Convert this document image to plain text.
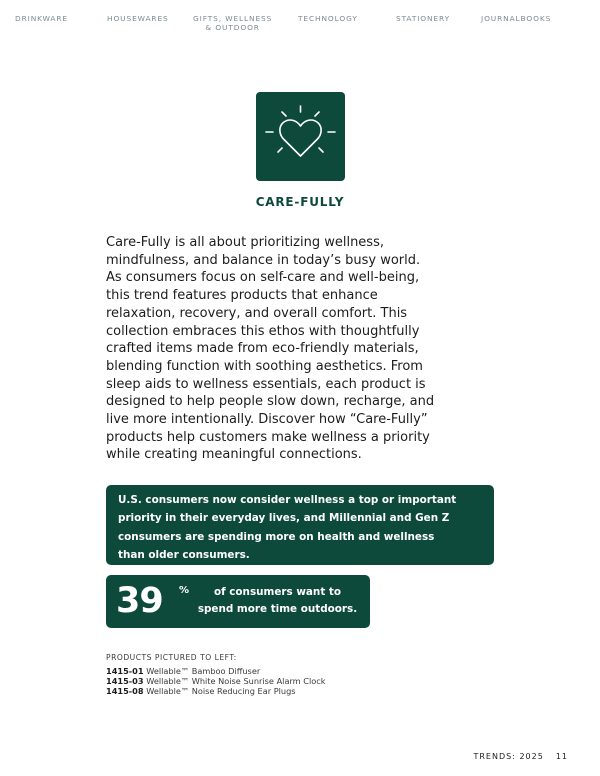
DRINKWARE	HOUSEWARES	GIFTS, WELLNESS
& OUTDOOR
TECHNOLOGY	STATIONERY	JOURNALBOOKS
CARE-FULLY
Care-Fully is all about prioritizing wellness,
mindfulness, and balance in today’s busy world.
As consumers focus on self-care and well-being,
this trend features products that enhance
relaxation, recovery, and overall comfort. This
collection embraces this ethos with thoughtfully
crafted items made from eco-friendly materials,
blending function with soothing aesthetics. From
sleep aids to wellness essentials, each product is
designed to help people slow down, recharge, and
live more intentionally. Discover how “Care-Fully”
products help customers make wellness a priority
while creating meaningful connections.

U.S. consumers now consider wellness a top or important

priority in their everyday lives, and Millennial and Gen Z

consumers are spending more on health and wellness

than older consumers.

39 %	of consumers want to
spend more time outdoors.
PRODUCTS PICTURED TO LEFT:
1415-01 Wellable™ Bamboo Diffuser
1415-03 Wellable™ White Noise Sunrise Alarm Clock
1415-08 Wellable™ Noise Reducing Ear Plugs
TRENDS: 2025 11
